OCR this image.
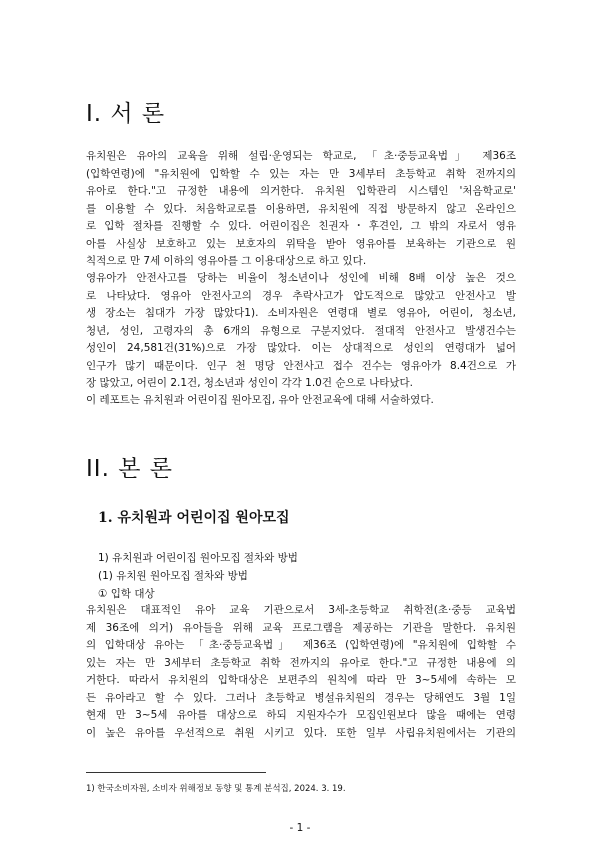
I. 서 론
유치원은 유아의 교육을 위해 설립·운영되는 학교로, 「초·중등교육법」 제36조
(입학연령)에 "유치원에 입학할 수 있는 자는 만 3세부터 초등학교 취학 전까지의
유아로 한다."고 규정한 내용에 의거한다. 유치원 입학관리 시스템인 '처음학교로'
를 이용할 수 있다. 처음학교로를 이용하면, 유치원에 직접 방문하지 않고 온라인으
로 입학 절차를 진행할 수 있다. 어린이집은 친권자・후견인, 그 밖의 자로서 영유
아를 사실상 보호하고 있는 보호자의 위탁을 받아 영유아를 보육하는 기관으로 원
칙적으로 만 7세 이하의 영유아를 그 이용대상으로 하고 있다.
영유아가 안전사고를 당하는 비율이 청소년이나 성인에 비해 8배 이상 높은 것으
로 나타났다. 영유아 안전사고의 경우 추락사고가 압도적으로 많았고 안전사고 발
생 장소는 침대가 가장 많았다1). 소비자원은 연령대 별로 영유아, 어린이, 청소년,
청년, 성인, 고령자의 총 6개의 유형으로 구분지었다. 절대적 안전사고 발생건수는
성인이 24,581건(31%)으로 가장 많았다. 이는 상대적으로 성인의 연령대가 넓어
인구가 많기 때문이다. 인구 천 명당 안전사고 접수 건수는 영유아가 8.4건으로 가
장 많았고, 어린이 2.1건, 청소년과 성인이 각각 1.0건 순으로 나타났다.
이 레포트는 유치원과 어린이집 원아모집, 유아 안전교육에 대해 서술하였다.
II. 본 론
1. 유치원과 어린이집 원아모집
1) 유치원과 어린이집 원아모집 절차와 방법
(1) 유치원 원아모집 절차와 방법
① 입학 대상
유치원은 대표적인 유아 교육 기관으로서 3세-초등학교 취학전(초·중등 교육법
제 36조에 의거) 유아들을 위해 교육 프로그램을 제공하는 기관을 말한다. 유치원
의 입학대상 유아는 「초·중등교육법」 제36조 (입학연령)에 "유치원에 입학할 수
있는 자는 만 3세부터 초등학교 취학 전까지의 유아로 한다."고 규정한 내용에 의
거한다. 따라서 유치원의 입학대상은 보편주의 원칙에 따라 만 3~5세에 속하는 모
든 유아라고 할 수 있다. 그러나 초등학교 병설유치원의 경우는 당해연도 3월 1일
현재 만 3~5세 유아를 대상으로 하되 지원자수가 모집인원보다 많을 때에는 연령
이 높은 유아를 우선적으로 취원 시키고 있다. 또한 일부 사립유치원에서는 기관의
1) 한국소비자원, 소비자 위해정보 동향 및 통계 분석집, 2024. 3. 19.
- 1 -
